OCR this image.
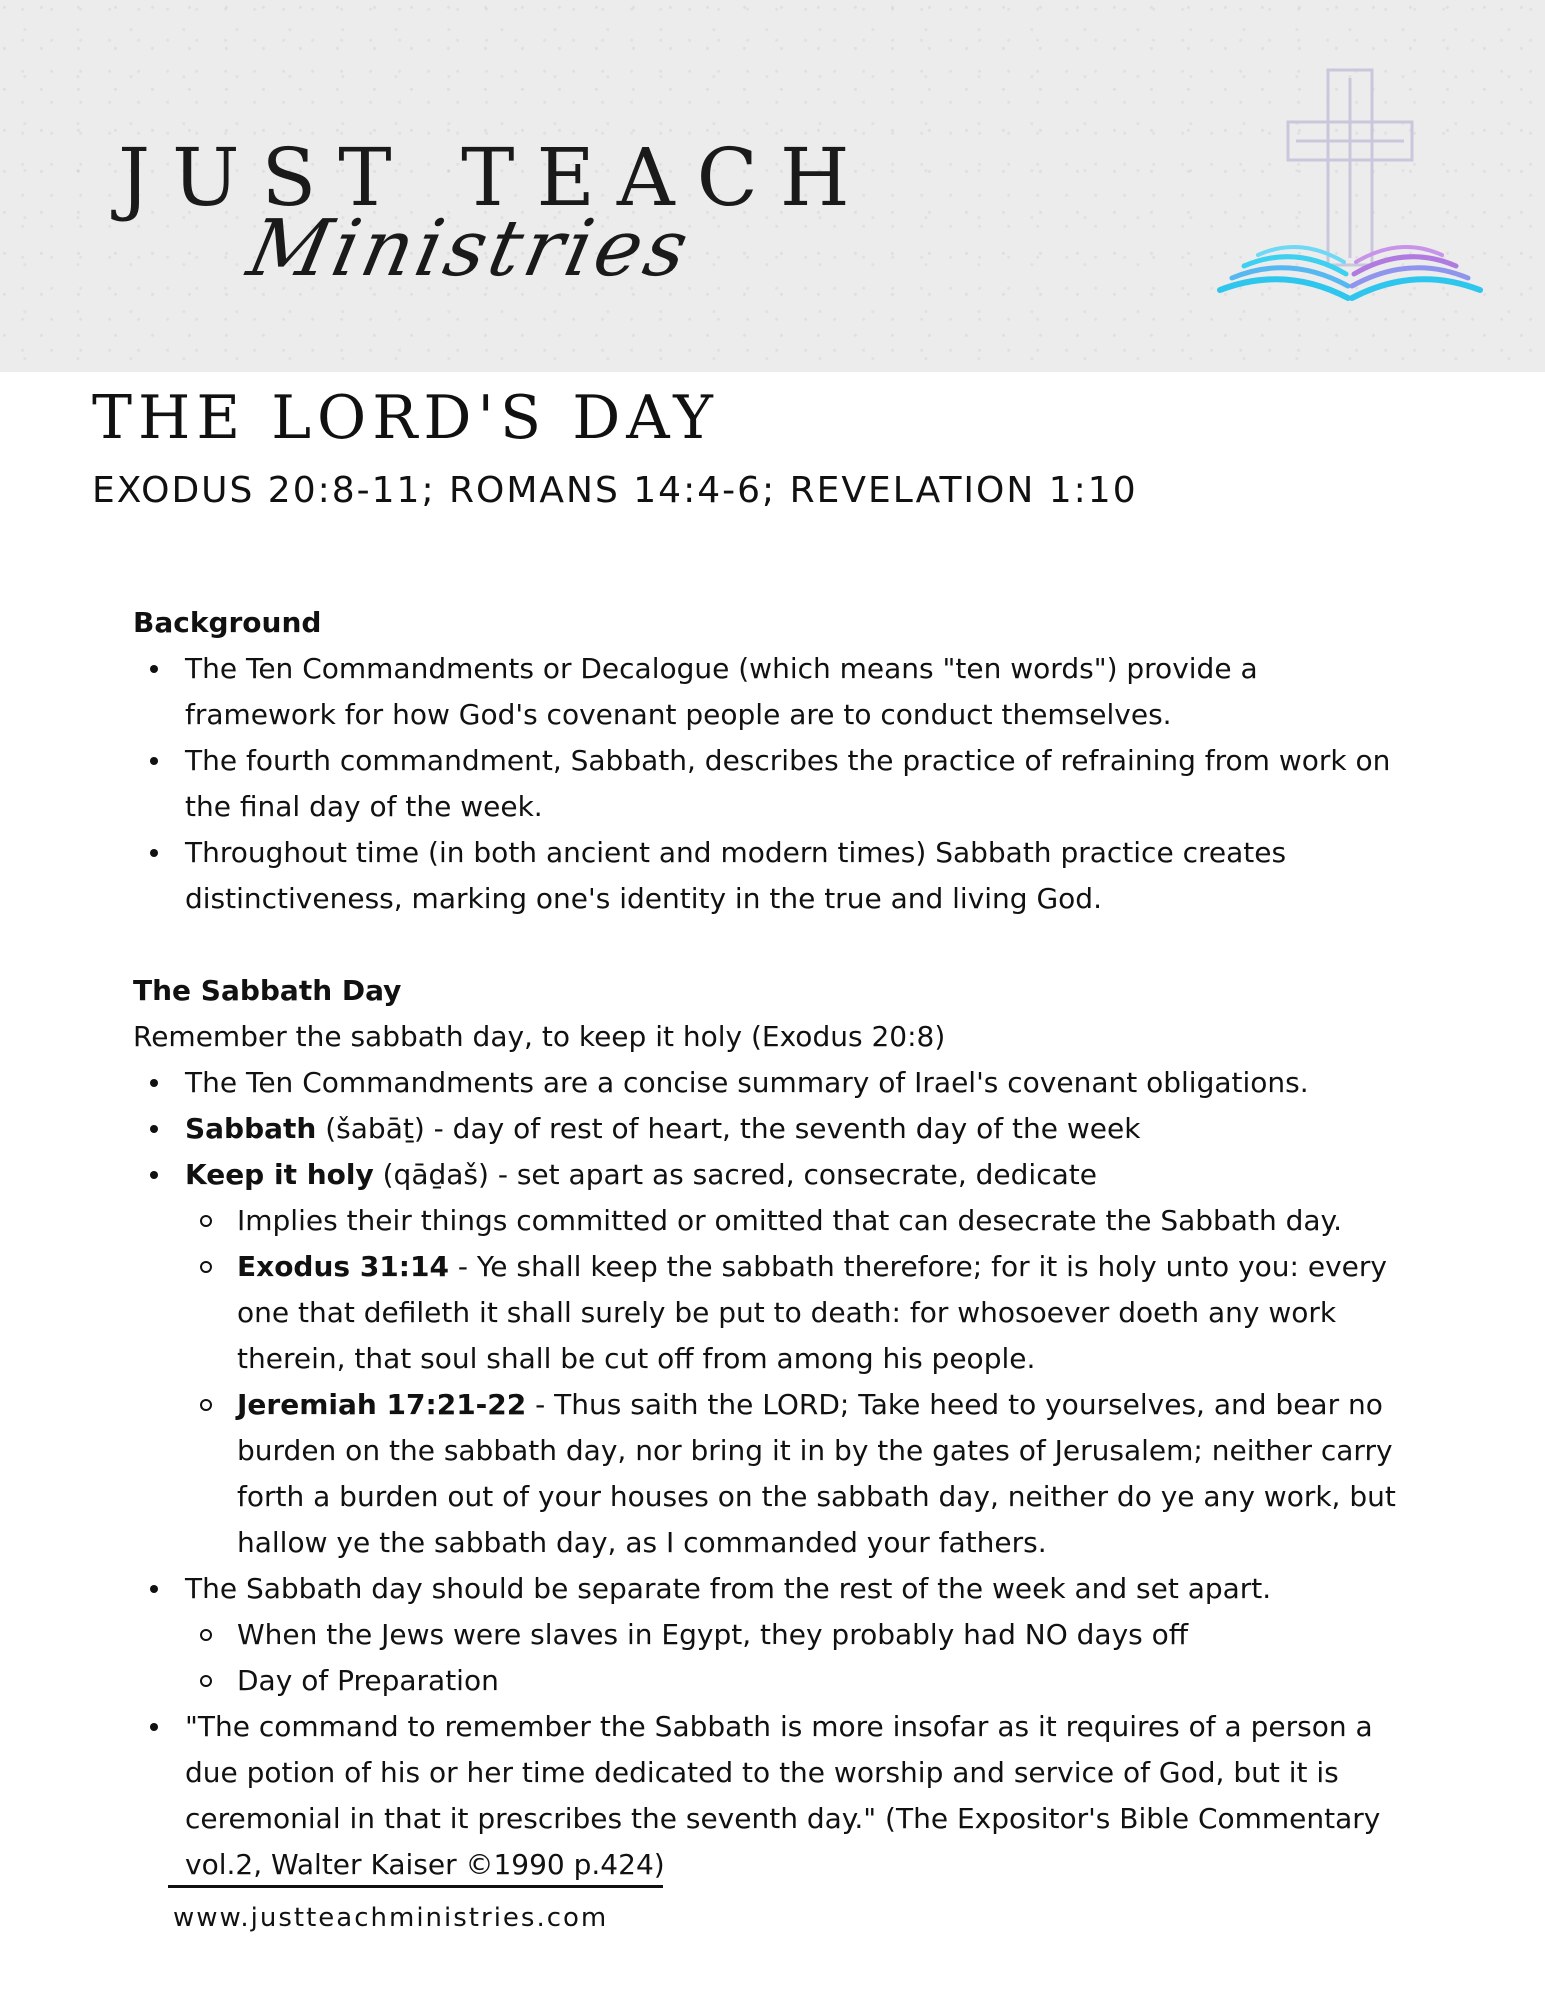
JUST TEACH
Ministries
THE LORD'S DAY
EXODUS 20:8-11; ROMANS 14:4-6; REVELATION 1:10

Background

The Ten Commandments or Decalogue (which means "ten words") provide a framework for how God's covenant people are to conduct themselves.
The fourth commandment, Sabbath, describes the practice of refraining from work on the final day of the week.
Throughout time (in both ancient and modern times) Sabbath practice creates distinctiveness, marking one's identity in the true and living God.

The Sabbath Day

Remember the sabbath day, to keep it holy (Exodus 20:8)

The Ten Commandments are a concise summary of Irael's covenant obligations.
Sabbath (šabāṯ) - day of rest of heart, the seventh day of the week
Keep it holy (qāḏaš) - set apart as sacred, consecrate, dedicate
Implies their things committed or omitted that can desecrate the Sabbath day.
Exodus 31:14 - Ye shall keep the sabbath therefore; for it is holy unto you: every one that defileth it shall surely be put to death: for whosoever doeth any work therein, that soul shall be cut off from among his people.
Jeremiah 17:21-22 - Thus saith the LORD; Take heed to yourselves, and bear no burden on the sabbath day, nor bring it in by the gates of Jerusalem; neither carry forth a burden out of your houses on the sabbath day, neither do ye any work, but hallow ye the sabbath day, as I commanded your fathers.
The Sabbath day should be separate from the rest of the week and set apart.
When the Jews were slaves in Egypt, they probably had NO days off
Day of Preparation
"The command to remember the Sabbath is more insofar as it requires of a person a due potion of his or her time dedicated to the worship and service of God, but it is ceremonial in that it prescribes the seventh day." (The Expositor's Bible Commentary vol.2, Walter Kaiser ©1990 p.424)
www.justteachministries.com
